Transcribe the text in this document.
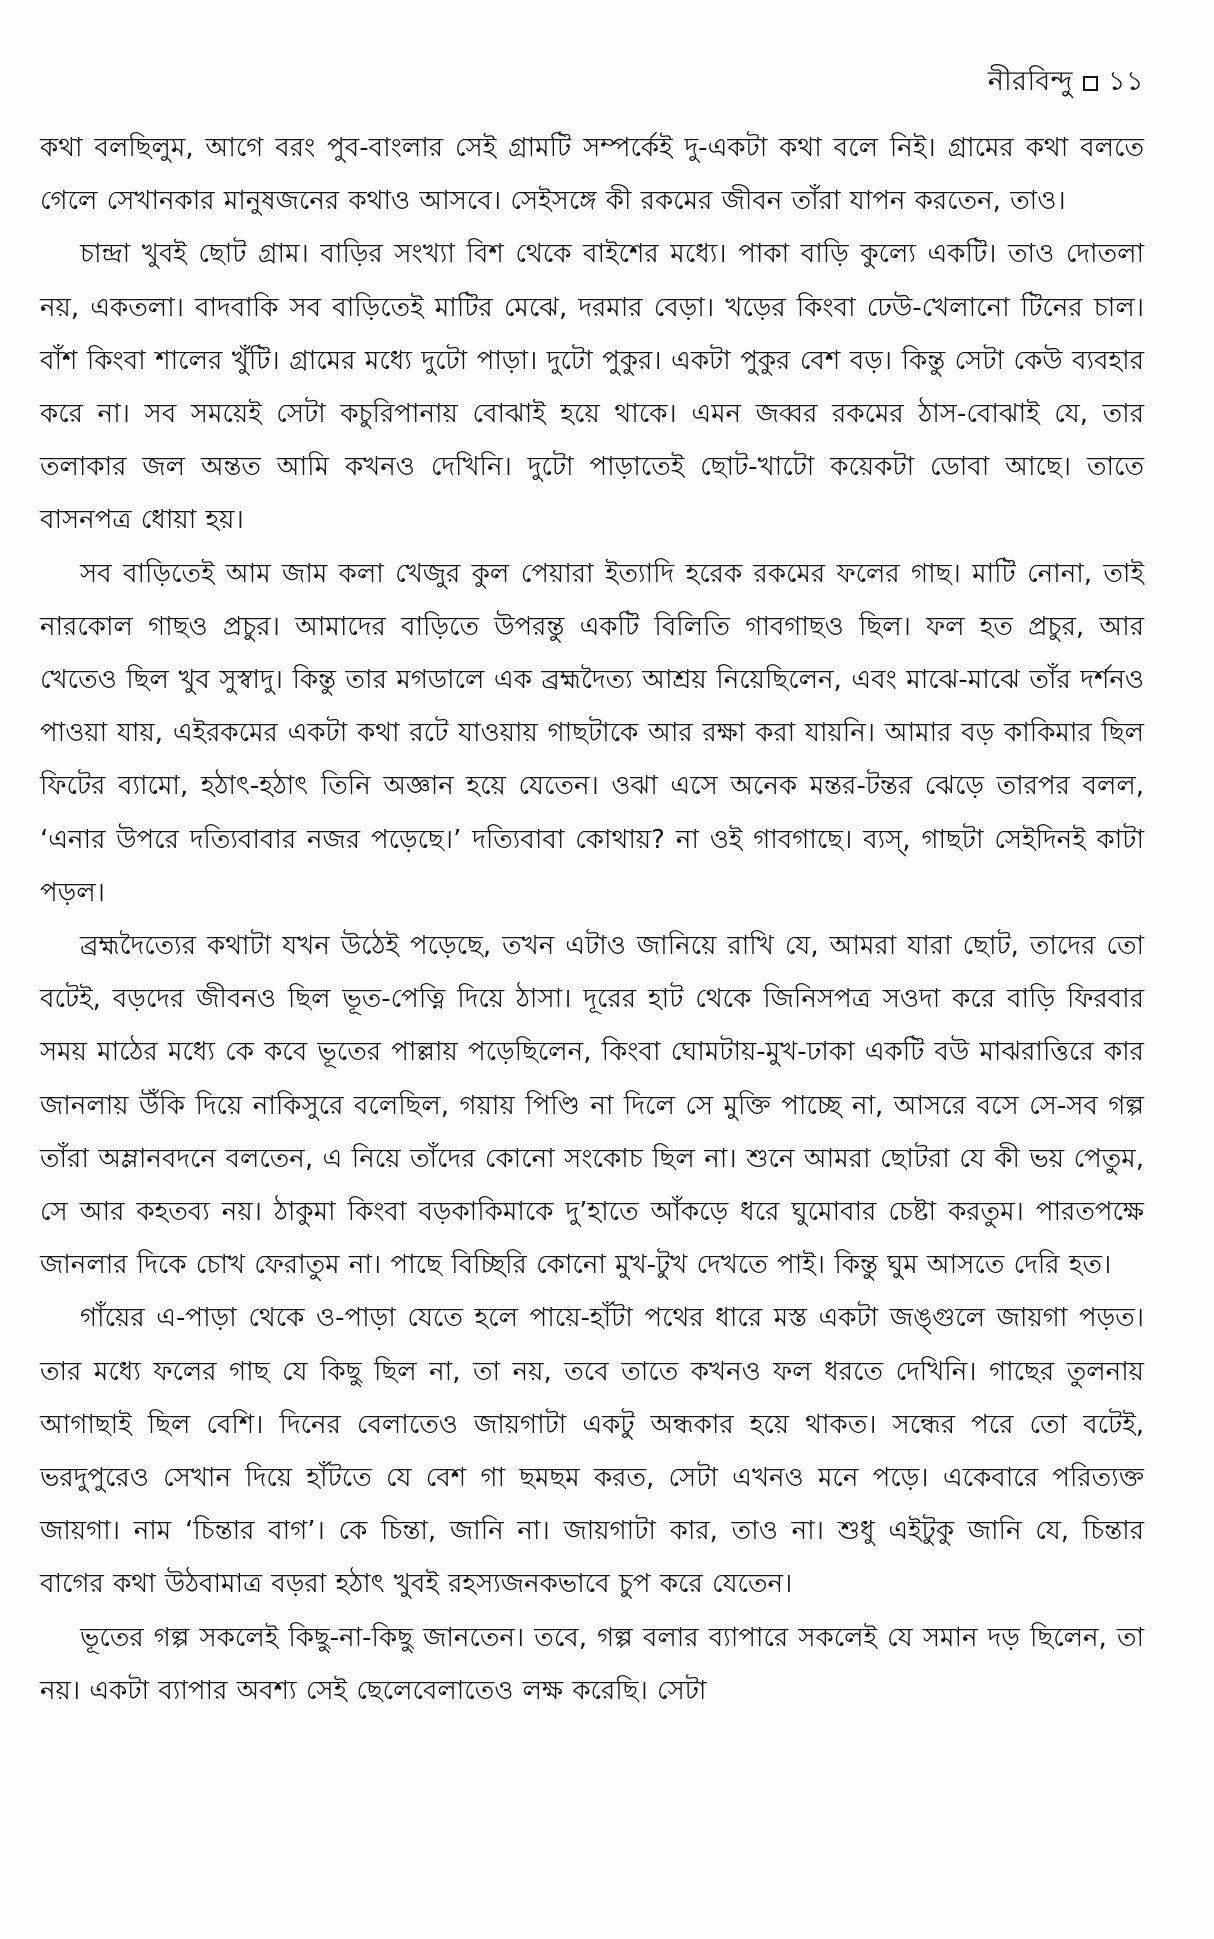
নীরবিন্দু ১১

কথা বলছিলুম, আগে বরং পুব-বাংলার সেই গ্রামটি সম্পর্কেই দু-একটা কথা বলে নিই। গ্রামের কথা বলতে গেলে সেখানকার মানুষজনের কথাও আসবে। সেইসঙ্গে কী রকমের জীবন তাঁরা যাপন করতেন, তাও।

চান্দ্রা খুবই ছোট গ্রাম। বাড়ির সংখ্যা বিশ থেকে বাইশের মধ্যে। পাকা বাড়ি কুল্যে একটি। তাও দোতলা নয়, একতলা। বাদবাকি সব বাড়িতেই মাটির মেঝে, দরমার বেড়া। খড়ের কিংবা ঢেউ-খেলানো টিনের চাল। বাঁশ কিংবা শালের খুঁটি। গ্রামের মধ্যে দুটো পাড়া। দুটো পুকুর। একটা পুকুর বেশ বড়। কিন্তু সেটা কেউ ব্যবহার করে না। সব সময়েই সেটা কচুরিপানায় বোঝাই হয়ে থাকে। এমন জব্বর রকমের ঠাস-বোঝাই যে, তার তলাকার জল অন্তত আমি কখনও দেখিনি। দুটো পাড়াতেই ছোট-খাটো কয়েকটা ডোবা আছে। তাতে বাসনপত্র ধোয়া হয়।

সব বাড়িতেই আম জাম কলা খেজুর কুল পেয়ারা ইত্যাদি হরেক রকমের ফলের গাছ। মাটি নোনা, তাই নারকোল গাছও প্রচুর। আমাদের বাড়িতে উপরন্তু একটি বিলিতি গাবগাছও ছিল। ফল হত প্রচুর, আর খেতেও ছিল খুব সুস্বাদু। কিন্তু তার মগডালে এক ব্রহ্মদৈত্য আশ্রয় নিয়েছিলেন, এবং মাঝে-মাঝে তাঁর দর্শনও পাওয়া যায়, এইরকমের একটা কথা রটে যাওয়ায় গাছটাকে আর রক্ষা করা যায়নি। আমার বড় কাকিমার ছিল ফিটের ব্যামো, হঠাৎ-হঠাৎ তিনি অজ্ঞান হয়ে যেতেন। ওঝা এসে অনেক মন্তর-টন্তর ঝেড়ে তারপর বলল, ‘এনার উপরে দত্যিবাবার নজর পড়েছে।’ দত্যিবাবা কোথায়? না ওই গাবগাছে। ব্যস্‌, গাছটা সেইদিনই কাটা পড়ল।

ব্রহ্মদৈত্যের কথাটা যখন উঠেই পড়েছে, তখন এটাও জানিয়ে রাখি যে, আমরা যারা ছোট, তাদের তো বটেই, বড়দের জীবনও ছিল ভূত-পেত্নি দিয়ে ঠাসা। দূরের হাট থেকে জিনিসপত্র সওদা করে বাড়ি ফিরবার সময় মাঠের মধ্যে কে কবে ভূতের পাল্লায় পড়েছিলেন, কিংবা ঘোমটায়-মুখ-ঢাকা একটি বউ মাঝরাত্তিরে কার জানলায় উঁকি দিয়ে নাকিসুরে বলেছিল, গয়ায় পিণ্ডি না দিলে সে মুক্তি পাচ্ছে না, আসরে বসে সে-সব গল্প তাঁরা অম্লানবদনে বলতেন, এ নিয়ে তাঁদের কোনো সংকোচ ছিল না। শুনে আমরা ছোটরা যে কী ভয় পেতুম, সে আর কহতব্য নয়। ঠাকুমা কিংবা বড়কাকিমাকে দু’হাতে আঁকড়ে ধরে ঘুমোবার চেষ্টা করতুম। পারতপক্ষে জানলার দিকে চোখ ফেরাতুম না। পাছে বিচ্ছিরি কোনো মুখ-টুখ দেখতে পাই। কিন্তু ঘুম আসতে দেরি হত।

গাঁয়ের এ-পাড়া থেকে ও-পাড়া যেতে হলে পায়ে-হাঁটা পথের ধারে মস্ত একটা জঙ্গুলে জায়গা পড়ত। তার মধ্যে ফলের গাছ যে কিছু ছিল না, তা নয়, তবে তাতে কখনও ফল ধরতে দেখিনি। গাছের তুলনায় আগাছাই ছিল বেশি। দিনের বেলাতেও জায়গাটা একটু অন্ধকার হয়ে থাকত। সন্ধের পরে তো বটেই, ভরদুপুরেও সেখান দিয়ে হাঁটতে যে বেশ গা ছমছম করত, সেটা এখনও মনে পড়ে। একেবারে পরিত্যক্ত জায়গা। নাম ‘চিন্তার বাগ’। কে চিন্তা, জানি না। জায়গাটা কার, তাও না। শুধু এইটুকু জানি যে, চিন্তার বাগের কথা উঠবামাত্র বড়রা হঠাৎ খুবই রহস্যজনকভাবে চুপ করে যেতেন।

ভূতের গল্প সকলেই কিছু-না-কিছু জানতেন। তবে, গল্প বলার ব্যাপারে সকলেই যে সমান দড় ছিলেন, তা নয়। একটা ব্যাপার অবশ্য সেই ছেলেবেলাতেও লক্ষ করেছি। সেটা
